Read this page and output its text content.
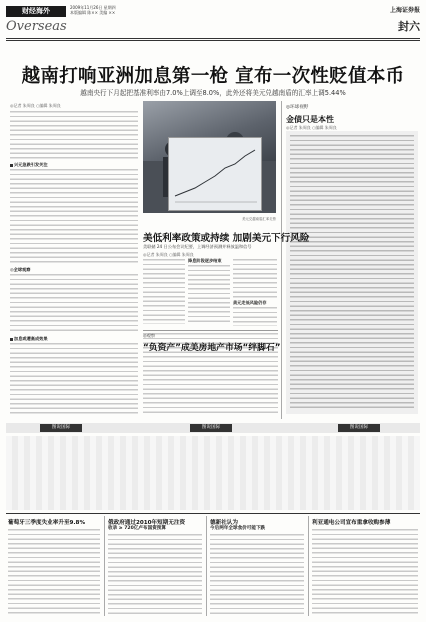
财经海外	2009年11月26日 星期四
本版编辑 陈×× 美编 ××	上海证券报
Overseas	封六
越南打响亚洲加息第一枪 宣布一次性贬值本币
越南央行下月起把基准利率由7.0%上调至8.0%，此外还将美元兑越南盾的汇率上调5.44%
◎记者 朱周良 ○编辑 朱周良
兴元急跌引发关注
◎全球观察
加息或遭高成效果
美元兑越南盾汇率走势
◎环球视野
金债只是本性
◎记者 朱周良 ○编辑 朱周良
美低利率政策或持续 加剧美元下行风险
美联储 24 日公布会议纪要，上调经济预测并释放温和信号
◎记者 朱周良 ○编辑 朱周良
降息阶段逐步结束
美元走低风险仍存
◎观察
“负资产”成美房地产市场“绊脚石”
图说国际	图说国际	图说国际
葡萄牙三季度失业率升至9.8%	俄政府通过2010年短期无注资
收录 ≥ 720亿卢布国资预算
德新社认为
今后两年全球食价可能下跌
利亚通电公司宣布重拿收购参薄
